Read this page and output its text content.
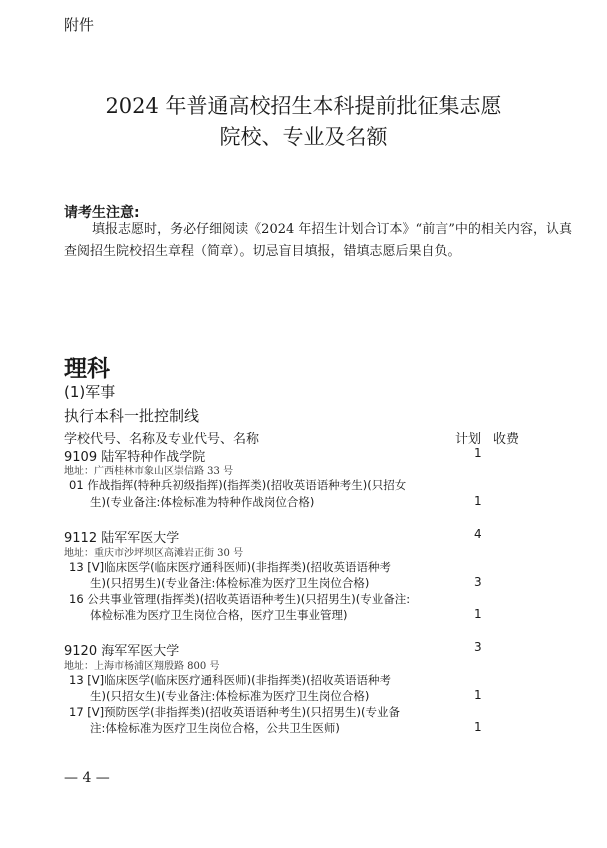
附件
2024 年普通高校招生本科提前批征集志愿
院校、专业及名额
请考生注意:
填报志愿时，务必仔细阅读《2024 年招生计划合订本》“前言”中的相关内容，认真查阅招生院校招生章程（简章）。切忌盲目填报，错填志愿后果自负。
理科
(1)军事
执行本科一批控制线
学校代号、名称及专业代号、名称	计划 收费
9109 陆军特种作战学院	1
地址：广西桂林市象山区崇信路 33 号
01 作战指挥(特种兵初级指挥)(指挥类)(招收英语语种考生)(只招女
生)(专业备注:体检标准为特种作战岗位合格)	1
9112 陆军军医大学	4
地址：重庆市沙坪坝区高滩岩正街 30 号
13 [V]临床医学(临床医疗通科医师)(非指挥类)(招收英语语种考
生)(只招男生)(专业备注:体检标准为医疗卫生岗位合格)	3
16 公共事业管理(指挥类)(招收英语语种考生)(只招男生)(专业备注:
体检标准为医疗卫生岗位合格，医疗卫生事业管理)	1
9120 海军军医大学	3
地址：上海市杨浦区翔殷路 800 号
13 [V]临床医学(临床医疗通科医师)(非指挥类)(招收英语语种考
生)(只招女生)(专业备注:体检标准为医疗卫生岗位合格)	1
17 [V]预防医学(非指挥类)(招收英语语种考生)(只招男生)(专业备
注:体检标准为医疗卫生岗位合格，公共卫生医师)	1
— 4 —
